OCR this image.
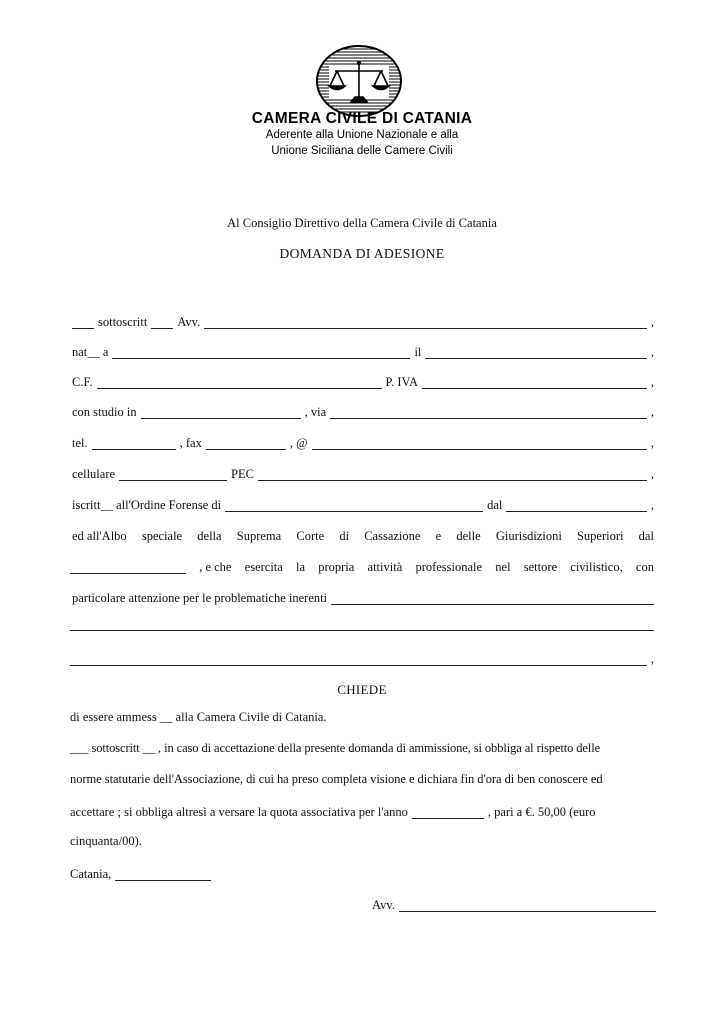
CAMERA CIVILE DI CATANIA
Aderente alla Unione Nazionale e alla
Unione Siciliana delle Camere Civili
Al Consiglio Direttivo della Camera Civile di Catania
DOMANDA DI ADESIONE
sottoscritt Avv.	,
nat__ a	il	,
C.F.	P. IVA	,
con studio in	, via	,
tel.	, fax	, @	,
cellulare	PEC	,
iscritt__ all'Ordine Forense di	dal	,
ed all'Albo speciale della Suprema Corte di Cassazione e delle Giurisdizioni Superiori dal
, e che esercita la propria attività professionale nel settore civilistico, con
particolare attenzione per le problematiche inerenti
,
CHIEDE
di essere ammess __ alla Camera Civile di Catania.
___ sottoscritt __ , in caso di accettazione della presente domanda di ammissione, si obbliga al rispetto delle
norme statutarie dell'Associazione, di cui ha preso completa visione e dichiara fin d'ora di ben conoscere ed
accettare ; si obbliga altresì a versare la quota associativa per l'anno	, pari a €. 50,00 (euro
cinquanta/00).
Catania,
Avv.
